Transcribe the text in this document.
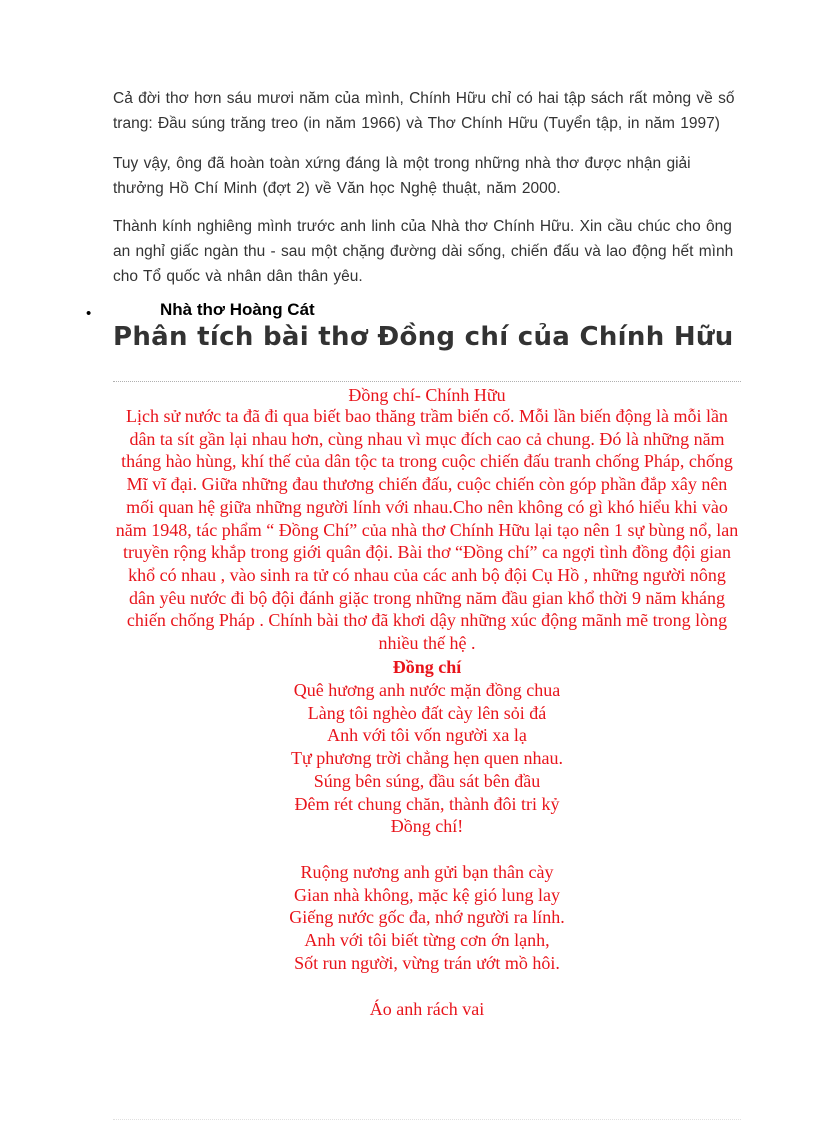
Cả đời thơ hơn sáu mươi năm của mình, Chính Hữu chỉ có hai tập sách rất mỏng về số trang: Đầu súng trăng treo (in năm 1966) và Thơ Chính Hữu (Tuyển tập, in năm 1997)

Tuy vậy, ông đã hoàn toàn xứng đáng là một trong những nhà thơ được nhận giải thưởng Hồ Chí Minh (đợt 2) về Văn học Nghệ thuật, năm 2000.

Thành kính nghiêng mình trước anh linh của Nhà thơ Chính Hữu. Xin cầu chúc cho ông an nghỉ giấc ngàn thu - sau một chặng đường dài sống, chiến đấu và lao động hết mình cho Tổ quốc và nhân dân thân yêu.

•	Nhà thơ Hoàng Cát

Phân tích bài thơ Đồng chí của Chính Hữu

Đồng chí- Chính Hữu

Lịch sử nước ta đã đi qua biết bao thăng trầm biến cố. Mỗi lần biến động là mỗi lần dân ta sít gần lại nhau hơn, cùng nhau vì mục đích cao cả chung. Đó là những năm tháng hào hùng, khí thế của dân tộc ta trong cuộc chiến đấu tranh chống Pháp, chống Mĩ vĩ đại. Giữa những đau thương chiến đấu, cuộc chiến còn góp phần đắp xây nên mối quan hệ giữa những người lính với nhau.Cho nên không có gì khó hiểu khi vào năm 1948, tác phẩm “ Đồng Chí” của nhà thơ Chính Hữu lại tạo nên 1 sự bùng nổ, lan truyền rộng khắp trong giới quân đội. Bài thơ “Đồng chí” ca ngợi tình đồng đội gian khổ có nhau , vào sinh ra tử có nhau của các anh bộ đội Cụ Hồ , những người nông dân yêu nước đi bộ đội đánh giặc trong những năm đầu gian khổ thời 9 năm kháng chiến chống Pháp . Chính bài thơ đã khơi dậy những xúc động mãnh mẽ trong lòng nhiều thế hệ .

Đồng chí

Quê hương anh nước mặn đồng chua
Làng tôi nghèo đất cày lên sỏi đá
Anh với tôi vốn người xa lạ
Tự phương trời chẳng hẹn quen nhau.
Súng bên súng, đầu sát bên đầu
Đêm rét chung chăn, thành đôi tri kỷ
Đồng chí!
Ruộng nương anh gửi bạn thân cày
Gian nhà không, mặc kệ gió lung lay
Giếng nước gốc đa, nhớ người ra lính.
Anh với tôi biết từng cơn ớn lạnh,
Sốt run người, vừng trán ướt mồ hôi.
Áo anh rách vai
